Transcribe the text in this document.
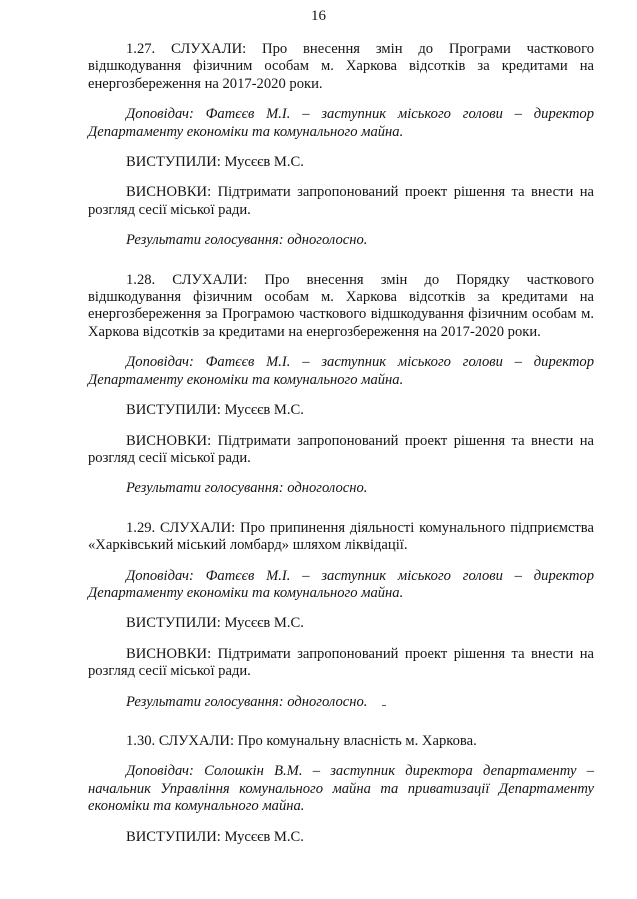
16

1.27. СЛУХАЛИ: Про внесення змін до Програми часткового відшкодування фізичним особам м. Харкова відсотків за кредитами на енергозбереження на 2017-2020 роки.

Доповідач: Фатєєв М.І. – заступник міського голови – директор Департаменту економіки та комунального майна.

ВИСТУПИЛИ: Мусєєв М.С.

ВИСНОВКИ: Підтримати запропонований проект рішення та внести на розгляд сесії міської ради.

Результати голосування: одноголосно.

1.28. СЛУХАЛИ: Про внесення змін до Порядку часткового відшкодування фізичним особам м. Харкова відсотків за кредитами на енергозбереження за Програмою часткового відшкодування фізичним особам м. Харкова відсотків за кредитами на енергозбереження на 2017-2020 роки.

Доповідач: Фатєєв М.І. – заступник міського голови – директор Департаменту економіки та комунального майна.

ВИСТУПИЛИ: Мусєєв М.С.

ВИСНОВКИ: Підтримати запропонований проект рішення та внести на розгляд сесії міської ради.

Результати голосування: одноголосно.

1.29. СЛУХАЛИ: Про припинення діяльності комунального підприємства «Харківський міський ломбард» шляхом ліквідації.

Доповідач: Фатєєв М.І. – заступник міського голови – директор Департаменту економіки та комунального майна.

ВИСТУПИЛИ: Мусєєв М.С.

ВИСНОВКИ: Підтримати запропонований проект рішення та внести на розгляд сесії міської ради.

Результати голосування: одноголосно.

1.30. СЛУХАЛИ: Про комунальну власність м. Харкова.

Доповідач: Солошкін В.М. – заступник директора департаменту – начальник Управління комунального майна та приватизації Департаменту економіки та комунального майна.

ВИСТУПИЛИ: Мусєєв М.С.
